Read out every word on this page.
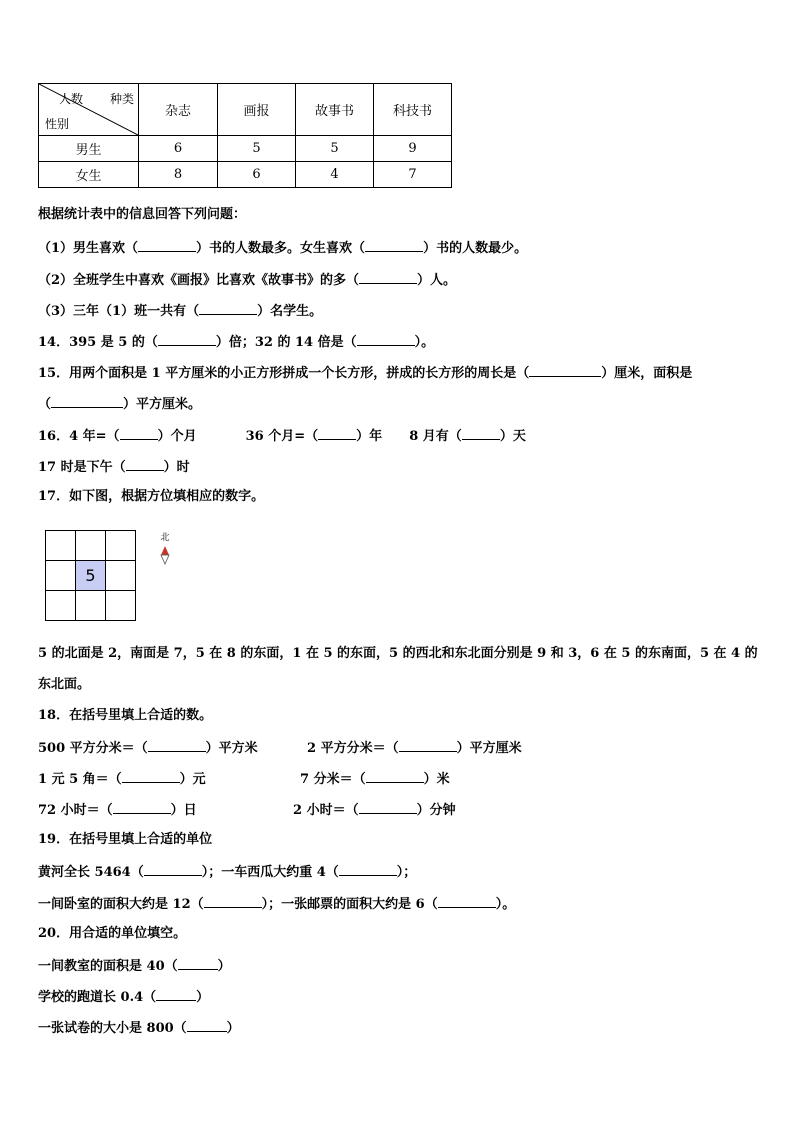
人数 种类
性别	杂志	画报	故事书	科技书
男生	6	5	5	9
女生	8	6	4	7
根据统计表中的信息回答下列问题：
（1）男生喜欢（	）书的人数最多。女生喜欢（	）书的人数最少。
（2）全班学生中喜欢《画报》比喜欢《故事书》的多（	）人。
（3）三年（1）班一共有（	）名学生。
14．395 是 5 的（	）倍；32 的 14 倍是（	）。
15．用两个面积是 1 平方厘米的小正方形拼成一个长方形，拼成的长方形的周长是（	）厘米，面积是
（	）平方厘米。
16．4 年=（	）个月	36 个月=（	）年 8 月有（	）天
17 时是下午（	）时
17．如下图，根据方位填相应的数字。

	5	

北
5 的北面是 2，南面是 7，5 在 8 的东面，1 在 5 的东面，5 的西北和东北面分别是 9 和 3，6 在 5 的东南面，5 在 4 的
东北面。
18．在括号里填上合适的数。
500 平方分米＝（	）平方米	2 平方分米＝（	）平方厘米
1 元 5 角＝（	）元	7 分米＝（	）米
72 小时＝（	）日	2 小时＝（	）分钟
19．在括号里填上合适的单位
黄河全长 5464（	）；一车西瓜大约重 4（	）；
一间卧室的面积大约是 12（	）；一张邮票的面积大约是 6（	）。
20．用合适的单位填空。
一间教室的面积是 40（	）
学校的跑道长 0.4（	）
一张试卷的大小是 800（	）
